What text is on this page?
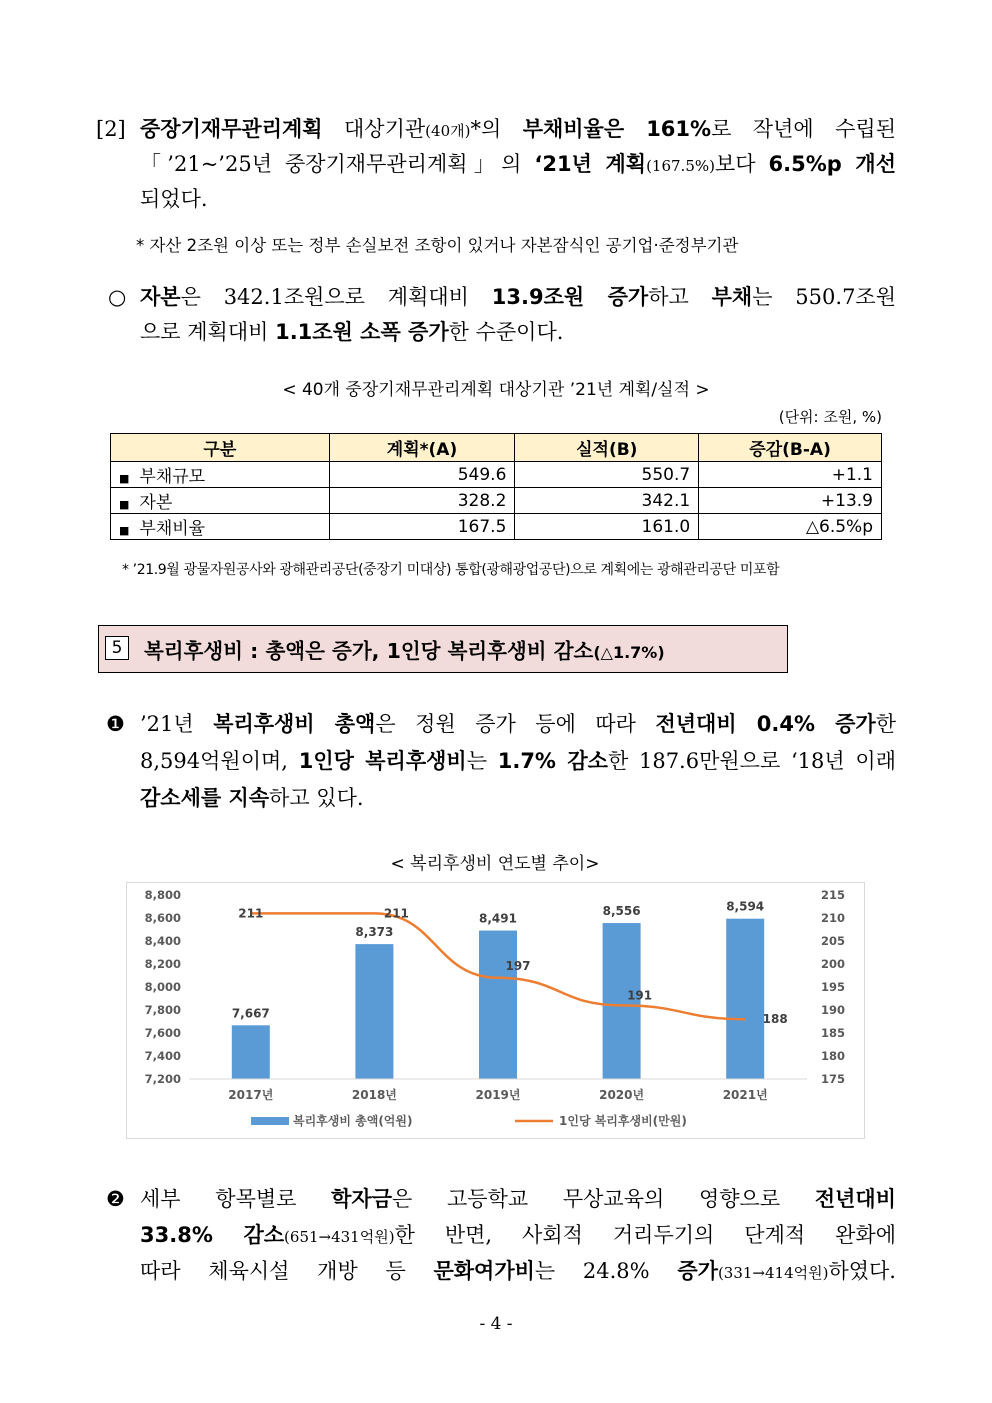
[2] 중장기재무관리계획 대상기관(40개)*의 부채비율은 161%로 작년에 수립된
「’21~’25년 중장기재무관리계획」의 ‘21년 계획(167.5%)보다 6.5%p 개선
되었다.
* 자산 2조원 이상 또는 정부 손실보전 조항이 있거나 자본잠식인 공기업·준정부기관
○ 자본은 342.1조원으로 계획대비 13.9조원 증가하고 부채는 550.7조원
으로 계획대비 1.1조원 소폭 증가한 수준이다.
< 40개 중장기재무관리계획 대상기관 ’21년 계획/실적 >
(단위: 조원, %)
구분	계획*(A)	실적(B)	증감(B-A)
■ 부채규모	549.6	550.7	+1.1
■ 자본	328.2	342.1	+13.9
■ 부채비율	167.5	161.0	△6.5%p
* ’21.9월 광물자원공사와 광해관리공단(중장기 미대상) 통합(광해광업공단)으로 계획에는 광해관리공단 미포함
5	복리후생비 : 총액은 증가, 1인당 복리후생비 감소(△1.7%)
❶ ’21년 복리후생비 총액은 정원 증가 등에 따라 전년대비 0.4% 증가한
8,594억원이며, 1인당 복리후생비는 1.7% 감소한 187.6만원으로 ‘18년 이래
감소세를 지속하고 있다.
< 복리후생비 연도별 추이>
7,200
7,400
7,600
7,800
8,000
8,200
8,400
8,600
8,800
175
180
185
190
195
200
205
210
215
7,667
2017년
8,373
2018년
8,491
2019년
8,556
2020년
8,594
2021년
211	211
197
191
188
복리후생비 총액(억원)	1인당 복리후생비(만원)
❷ 세부 항목별로 학자금은 고등학교 무상교육의 영향으로 전년대비
33.8% 감소(651→431억원)한 반면, 사회적 거리두기의 단계적 완화에
따라 체육시설 개방 등 문화여가비는 24.8% 증가(331→414억원)하였다.
- 4 -
